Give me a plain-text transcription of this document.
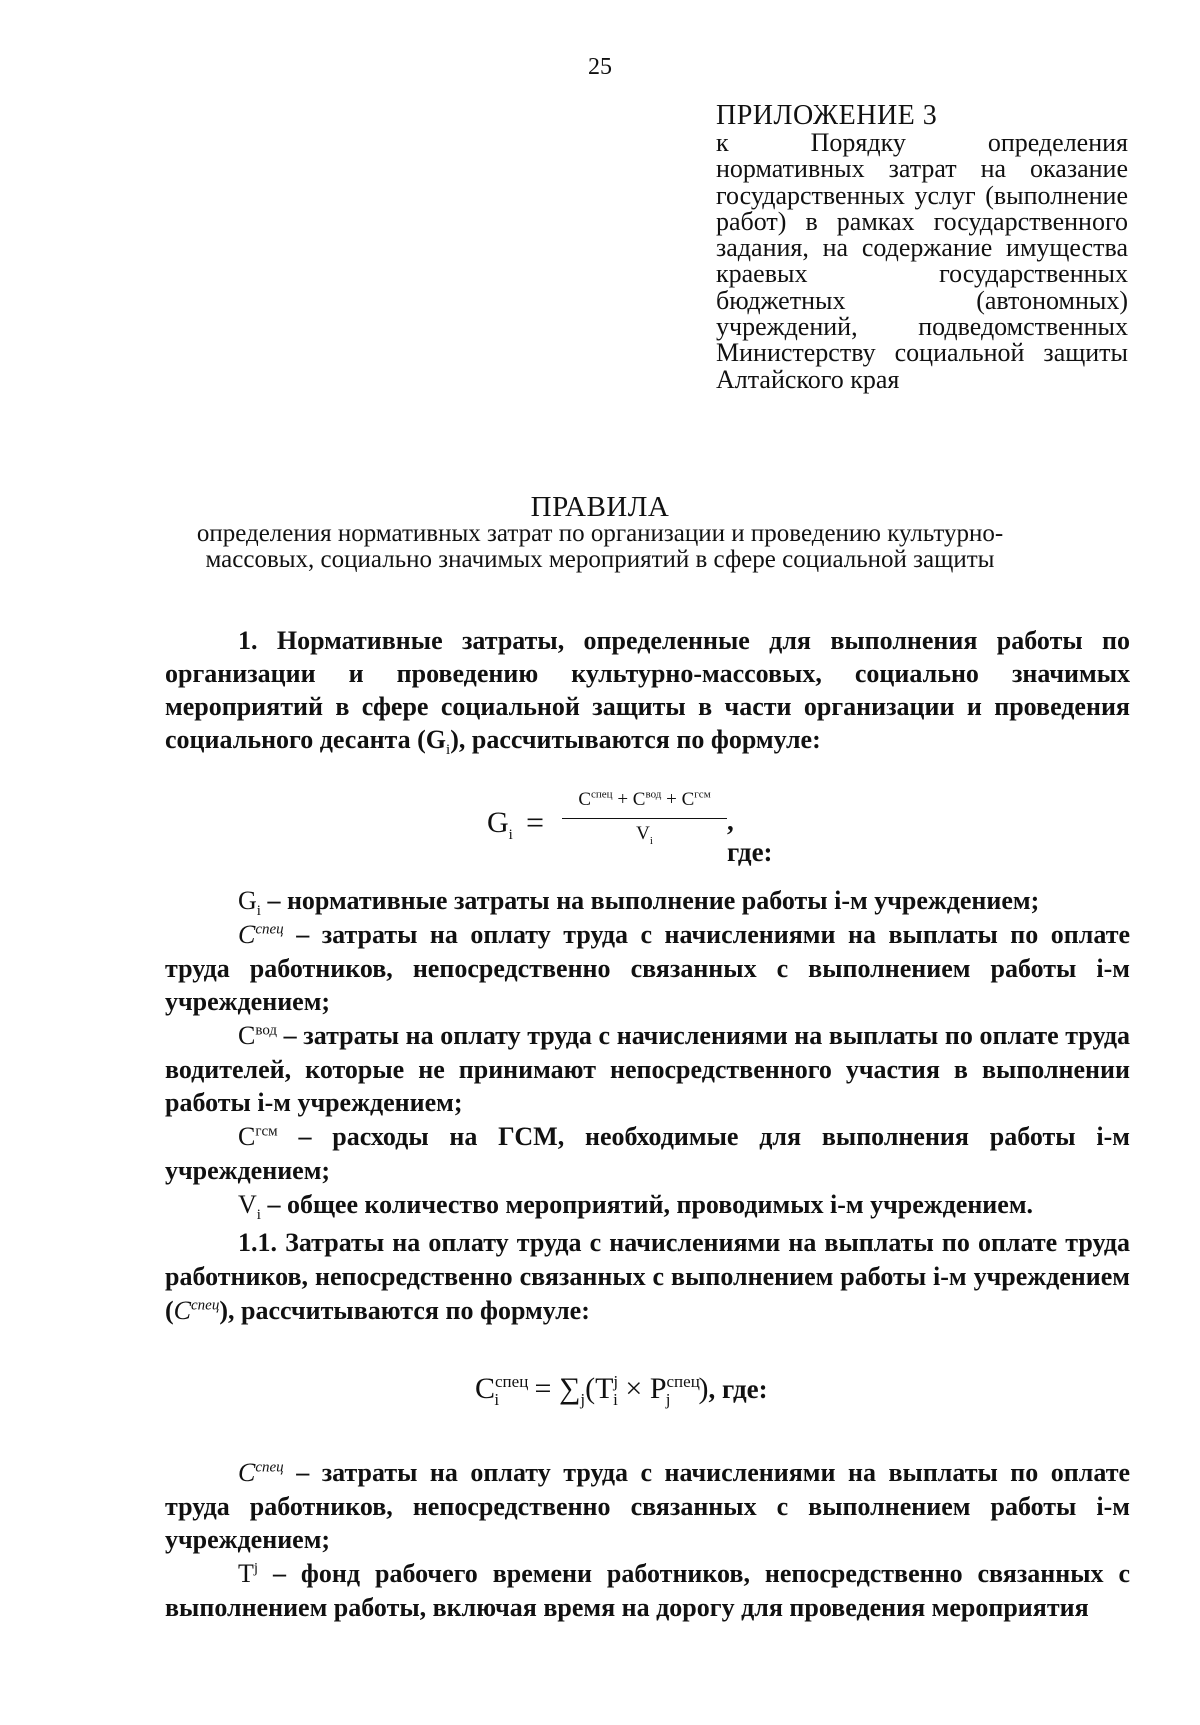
25
ПРИЛОЖЕНИЕ 3
к Порядку определения нормативных затрат на оказание государственных услуг (выполнение работ) в рамках государственного задания, на содержание имущества краевых государственных бюджетных (автономных) учреждений, подведомственных Министерству социальной защиты Алтайского края
ПРАВИЛА
определения нормативных затрат по организации и проведению культурно-массовых, социально значимых мероприятий в сфере социальной защиты
1. Нормативные затраты, определенные для выполнения работы по организации и проведению культурно-массовых, социально значимых мероприятий в сфере социальной защиты в части организации и проведения социального десанта $(G_i)$, рассчитываются по формуле:
$G_i$ =
$C^{спец} + C^{вод} + C^{гсм}$
$V_i$
, где:
$G_i$ – нормативные затраты на выполнение работы i-м учреждением;
$C^{спец}$ – затраты на оплату труда с начислениями на выплаты по оплате труда работников, непосредственно связанных с выполнением работы i-м учреждением;
$C^{вод}$ – затраты на оплату труда с начислениями на выплаты по оплате труда водителей, которые не принимают непосредственного участия в выполнении работы i-м учреждением;
$C^{гсм}$ – расходы на ГСМ, необходимые для выполнения работы i-м учреждением;
$V_i$ – общее количество мероприятий, проводимых i-м учреждением.
1.1. Затраты на оплату труда с начислениями на выплаты по оплате труда работников, непосредственно связанных с выполнением работы i-м учреждением $(C^{спец})$, рассчитываются по формуле:
$C^{спец}_i = \sum_j(T^j_i \times P^{спец}_j$ ), где:
$C^{спец}$ – затраты на оплату труда с начислениями на выплаты по оплате труда работников, непосредственно связанных с выполнением работы i-м учреждением;
$T^j$ – фонд рабочего времени работников, непосредственно связанных с выполнением работы, включая время на дорогу для проведения мероприятия
